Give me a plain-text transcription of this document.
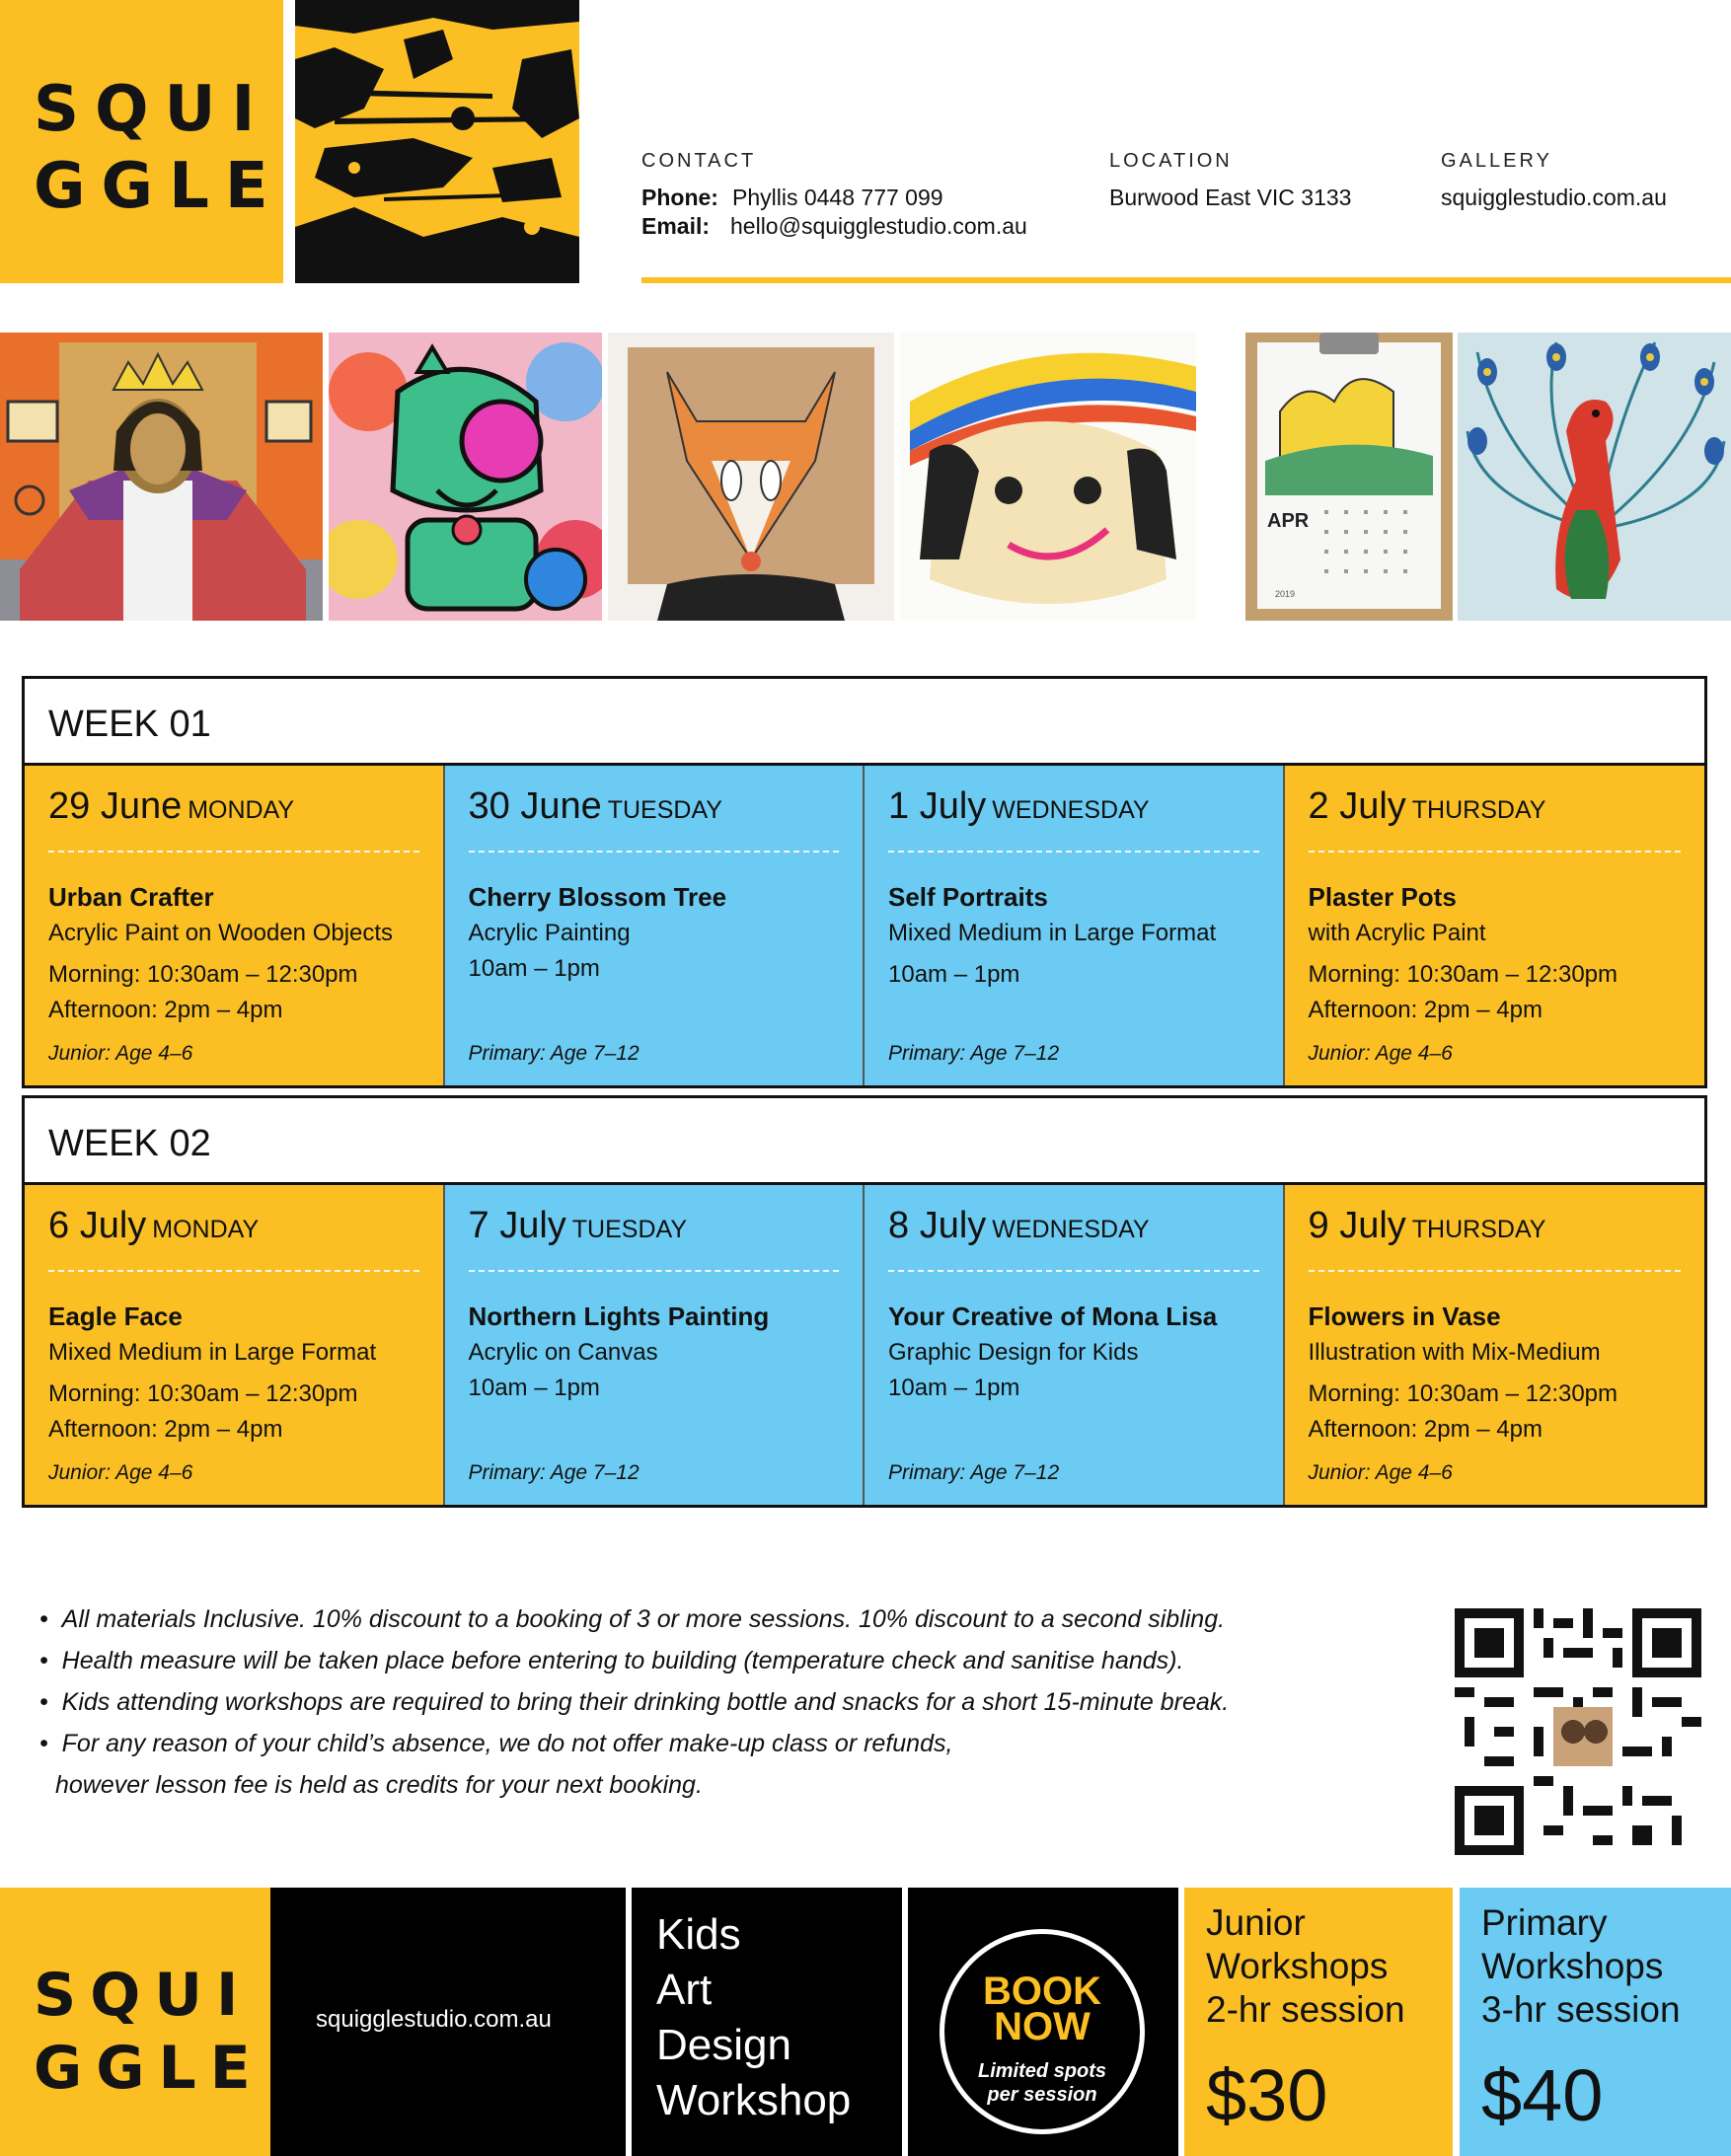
SQUI
GGLE	CONTACT
Phone: Phyllis 0448 777 099
Email: hello@squigglestudio.com.au
LOCATION
Burwood East VIC 3133
GALLERY
squigglestudio.com.au
APR
2019
WEEK 01
29 June MONDAY
Urban Crafter
Acrylic Paint on Wooden Objects
Morning: 10:30am – 12:30pm
Afternoon: 2pm – 4pm
Junior: Age 4–6
30 June TUESDAY
Cherry Blossom Tree
Acrylic Painting
10am – 1pm
Primary: Age 7–12
1 July WEDNESDAY
Self Portraits
Mixed Medium in Large Format
10am – 1pm
Primary: Age 7–12
2 July THURSDAY
Plaster Pots
with Acrylic Paint
Morning: 10:30am – 12:30pm
Afternoon: 2pm – 4pm
Junior: Age 4–6
WEEK 02
6 July MONDAY
Eagle Face
Mixed Medium in Large Format
Morning: 10:30am – 12:30pm
Afternoon: 2pm – 4pm
Junior: Age 4–6
7 July TUESDAY
Northern Lights Painting
Acrylic on Canvas
10am – 1pm
Primary: Age 7–12
8 July WEDNESDAY
Your Creative of Mona Lisa
Graphic Design for Kids
10am – 1pm
Primary: Age 7–12
9 July THURSDAY
Flowers in Vase
Illustration with Mix-Medium
Morning: 10:30am – 12:30pm
Afternoon: 2pm – 4pm
Junior: Age 4–6
•  All materials Inclusive. 10% discount to a booking of 3 or more sessions. 10% discount to a second sibling.
•  Health measure will be taken place before entering to building (temperature check and sanitise hands).
•  Kids attending workshops are required to bring their drinking bottle and snacks for a short 15-minute break.
•  For any reason of your child’s absence, we do not offer make-up class or refunds,
however lesson fee is held as credits for your next booking.
SQUI
GGLE
squigglestudio.com.au
Kids
Art
Design
Workshop
BOOK
NOW
Limited spots
per session
Junior
Workshops
2-hr session
$30
Primary
Workshops
3-hr session
$40
